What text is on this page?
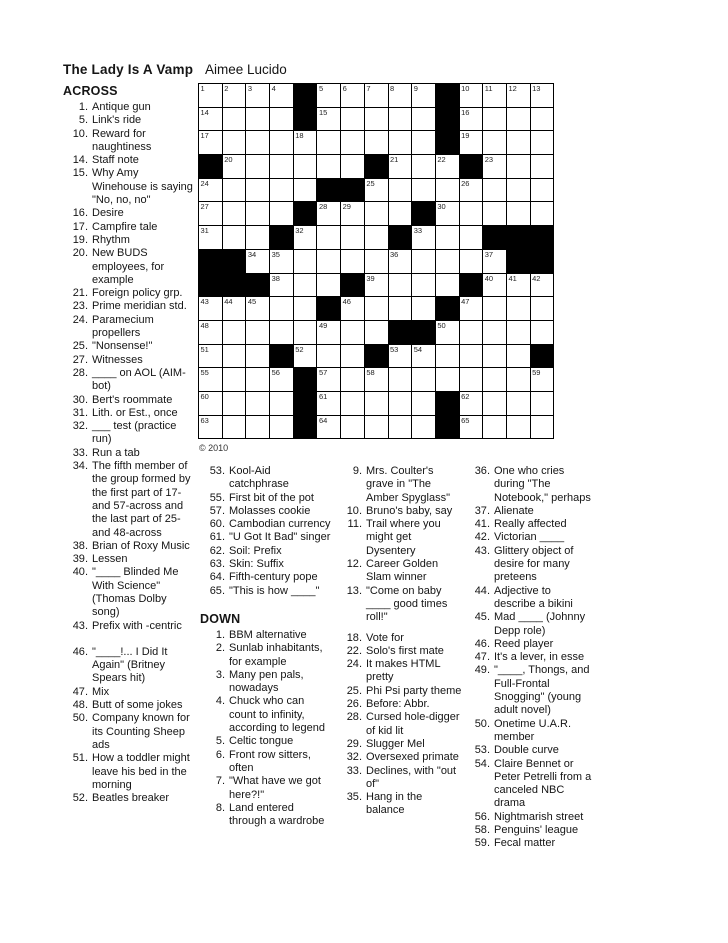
The Lady Is A Vamp Aimee Lucido
ACROSS
1 . Antique gun
5 . Link's ride
10 . Reward for naughtiness
14 . Staff note
15 . Why Amy Winehouse is saying "No, no, no"
16 . Desire
17 . Campfire tale
19 . Rhythm
20 . New BUDS employees, for example
21 . Foreign policy grp.
23 . Prime meridian std.
24 . Paramecium propellers
25 . "Nonsense!"
27 . Witnesses
28 . ____ on AOL (AIM-bot)
30 . Bert's roommate
31 . Lith. or Est., once
32 . ___ test (practice run)
33 . Run a tab
34 . The fifth member of the group formed by the first part of 17- and 57-across and the last part of 25- and 48-across
38 . Brian of Roxy Music
39 . Lessen
40 . "____ Blinded Me With Science" (Thomas Dolby song)
43 . Prefix with -centric
46 . "____!... I Did It Again" (Britney Spears hit)
47 . Mix
48 . Butt of some jokes
50 . Company known for its Counting Sheep ads
51 . How a toddler might leave his bed in the morning
52 . Beatles breaker
1	2	3	4	5	6	7	8	9	10 11 12 13
14	15	16
17	18	19
20	21	22	23
24	25	26
27	28 29	30
31	32	33
34 35	36	37
38	39	40 41 42
43 44 45	46	47
48	49	50
51	52	53 54
55	56	57	58	59
60	61	62
63	64	65
© 2010
53 . Kool-Aid catchphrase
55 . First bit of the pot
57 . Molasses cookie
60 . Cambodian currency
61 . "U Got It Bad" singer
62 . Soil: Prefix
63 . Skin: Suffix
64 . Fifth-century pope
65 . "This is how ____"
DOWN
1 . BBM alternative
2 . Sunlab inhabitants, for example
3 . Many pen pals, nowadays
4 . Chuck who can count to infinity, according to legend
5 . Celtic tongue
6 . Front row sitters, often
7 . "What have we got here?!"
8 . Land entered through a wardrobe
9 . Mrs. Coulter's grave in "The Amber Spyglass"
10 . Bruno's baby, say
11 . Trail where you might get Dysentery
12 . Career Golden Slam winner
13 . "Come on baby ____ good times roll!"
18 . Vote for
22 . Solo's first mate
24 . It makes HTML pretty
25 . Phi Psi party theme
26 . Before: Abbr.
28 . Cursed hole-digger of kid lit
29 . Slugger Mel
32 . Oversexed primate
33 . Declines, with "out of"
35 . Hang in the balance
36 . One who cries during "The Notebook," perhaps
37 . Alienate
41 . Really affected
42 . Victorian ____
43 . Glittery object of desire for many preteens
44 . Adjective to describe a bikini
45 . Mad ____ (Johnny Depp role)
46 . Reed player
47 . It's a lever, in esse
49 . "____, Thongs, and Full-Frontal Snogging" (young adult novel)
50 . Onetime U.A.R. member
53 . Double curve
54 . Claire Bennet or Peter Petrelli from a canceled NBC drama
56 . Nightmarish street
58 . Penguins' league
59 . Fecal matter
